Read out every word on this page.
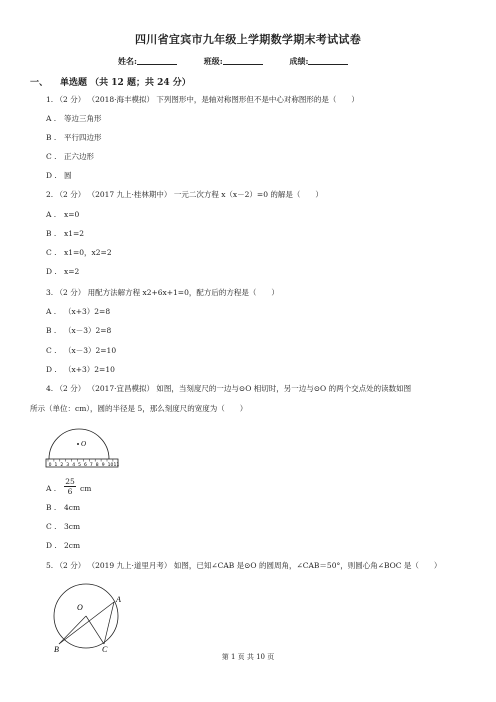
四川省宜宾市九年级上学期数学期末考试试卷
姓名:	班级:	成绩:
一、 单选题 （共 12 题；共 24 分）
1. （2 分） （2018·海丰模拟） 下列图形中，是轴对称图形但不是中心对称图形的是（　　）
A . 等边三角形
B . 平行四边形
C . 正六边形
D . 圆
2. （2 分） （2017 九上·桂林期中） 一元二次方程 x（x－2）=0 的解是（　　）
A . x=0
B . x1=2
C . x1=0，x2=2
D . x=2
3. （2 分） 用配方法解方程 x2+6x+1=0，配方后的方程是（　　）
A . （x+3）2=8
B . （x－3）2=8
C . （x－3）2=10
D . （x+3）2=10
4. （2 分） （2017·宜昌模拟） 如图，当刻度尺的一边与⊙O 相切时，另一边与⊙O 的两个交点处的读数如图
所示（单位：cm），圆的半径是 5，那么刻度尺的宽度为（　　）
O
0 1 2 3 4 5 6 7 8 9 10 11
A .	cm
$\frac{25}{6}$
B . 4cm
C . 3cm
D . 2cm
5. （2 分） （2019 九上·道里月考） 如图，已知∠CAB 是⊙O 的圆周角，∠CAB＝50°，则圆心角∠BOC 是（　　）
O
A
B	C
第 1 页 共 10 页
